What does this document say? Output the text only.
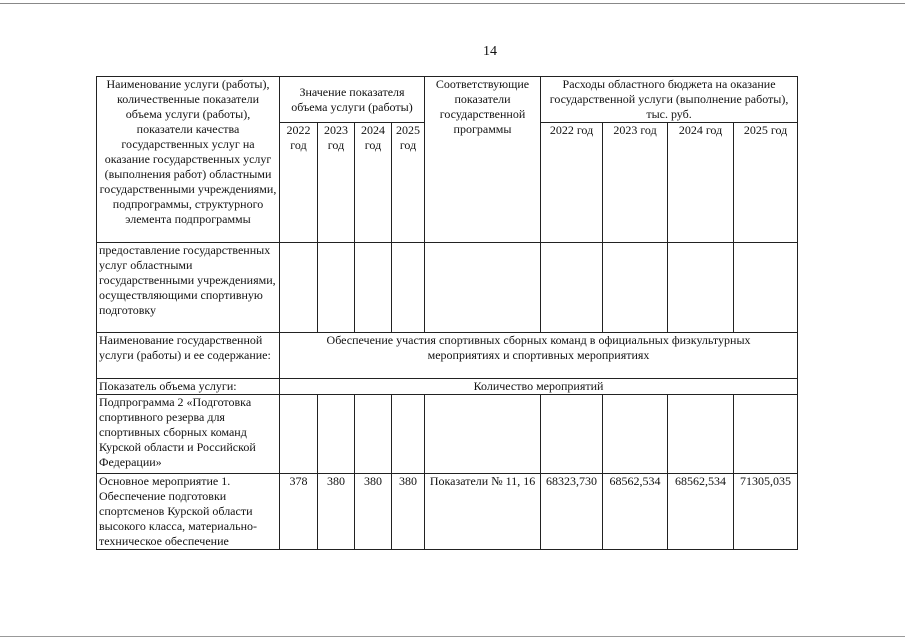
14
Наименование услуги (работы), количественные показатели объема услуги (работы), показатели качества государственных услуг на оказание государственных услуг (выполнения работ) областными государственными учреждениями, подпрограммы, структурного элемента подпрограммы	Значение показателя объема услуги (работы)				Соответствующие показатели государственной программы	Расходы областного бюджета на оказание государственной услуги (выполнение работы), тыс. руб.			
	2022 год	2023 год	2024 год	2025 год		2022 год	2023 год	2024 год	2025 год
предоставление государственных услуг областными государственными учреждениями, осуществляющими спортивную подготовку									
Наименование государственной услуги (работы) и ее содержание:	Обеспечение участия спортивных сборных команд в официальных физкультурных мероприятиях и спортивных мероприятиях								
Показатель объема услуги:	Количество мероприятий								
Подпрограмма 2 «Подготовка спортивного резерва для спортивных сборных команд Курской области и Российской Федерации»									
Основное мероприятие 1. Обеспечение подготовки спортсменов Курской области высокого класса, материально-техническое обеспечение	378	380	380	380	Показатели № 11, 16	68323,730	68562,534	68562,534	71305,035
